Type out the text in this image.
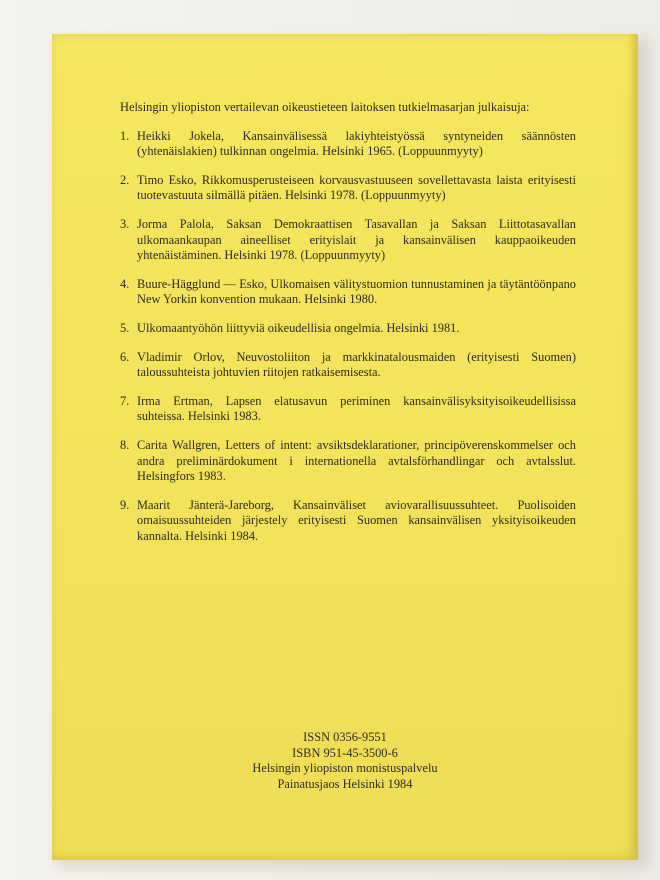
Helsingin yliopiston vertailevan oikeustieteen laitoksen tutkielmasarjan julkaisuja:

1. Heikki Jokela, Kansainvälisessä lakiyhteistyössä syntyneiden säännösten (yhtenäislakien) tulkinnan ongelmia. Helsinki 1965. (Loppuunmyyty)
2. Timo Esko, Rikkomusperusteiseen korvausvastuuseen sovellettavasta laista erityisesti tuotevastuuta silmällä pitäen. Helsinki 1978. (Loppuunmyyty)
3. Jorma Palola, Saksan Demokraattisen Tasavallan ja Saksan Liittotasavallan ulkomaankaupan aineelliset erityislait ja kansainvälisen kauppaoikeuden yhtenäistäminen. Helsinki 1978. (Loppuunmyyty)
4. Buure-Hägglund — Esko, Ulkomaisen välitystuomion tunnustaminen ja täytäntöönpano New Yorkin konvention mukaan. Helsinki 1980.
5. Ulkomaantyöhön liittyviä oikeudellisia ongelmia. Helsinki 1981.
6. Vladimir Orlov, Neuvostoliiton ja markkinatalousmaiden (erityisesti Suomen) taloussuhteista johtuvien riitojen ratkaisemisesta.
7. Irma Ertman, Lapsen elatusavun periminen kansainvälisyksityisoikeudellisissa suhteissa. Helsinki 1983.
8. Carita Wallgren, Letters of intent: avsiktsdeklarationer, principöverenskommelser och andra preliminärdokument i internationella avtalsförhandlingar och avtalsslut. Helsingfors 1983.
9. Maarit Jänterä-Jareborg, Kansainväliset aviovarallisuussuhteet. Puolisoiden omaisuussuhteiden järjestely erityisesti Suomen kansainvälisen yksityisoikeuden kannalta. Helsinki 1984.
ISSN 0356-9551
ISBN 951-45-3500-6
Helsingin yliopiston monistuspalvelu
Painatusjaos Helsinki 1984
